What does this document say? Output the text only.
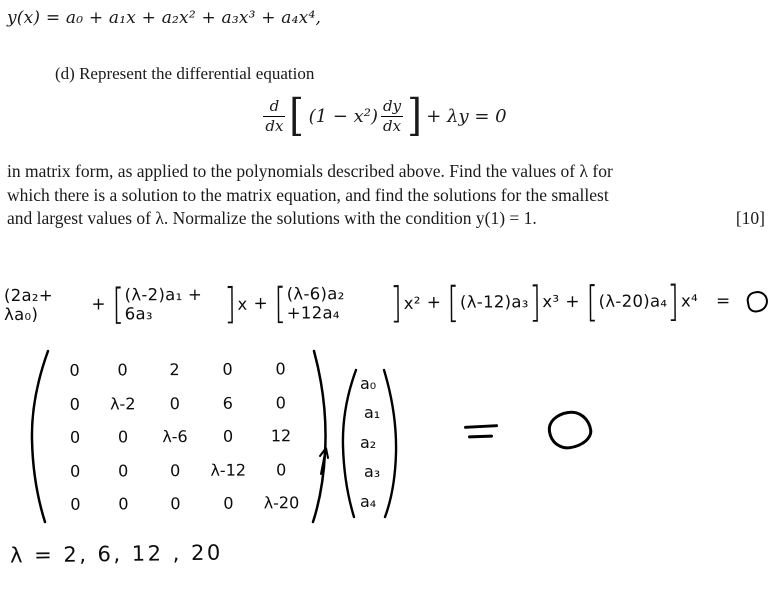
y(x) = a₀ + a₁x + a₂x² + a₃x³ + a₄x⁴,
(d) Represent the differential equation
$\frac{d}{dx}$ [ $(1 - x^2) \frac{dy}{dx}$ ] + λy = 0
in matrix form, as applied to the polynomials described above. Find the values of λ for
which there is a solution to the matrix equation, and find the solutions for the smallest
and largest values of λ. Normalize the solutions with the condition y(1) = 1.	[10]
(2a₂+ λa₀)	+ [ (λ-2)a₁ + 6a₃	] x + [ (λ-6)a₂ +12a₄	] x² + [ (λ-12)a₃ ] x³ + [ (λ-20)a₄ ] x⁴ =
0 0	2	0	0
0 λ-2 0	6	0
0 0 λ-6 0 12
0 0	0 λ-12 0
0 0	0	0 λ-20
a₀
a₁
a₂
a₃
a₄
λ = 2, 6, 12 , 20
